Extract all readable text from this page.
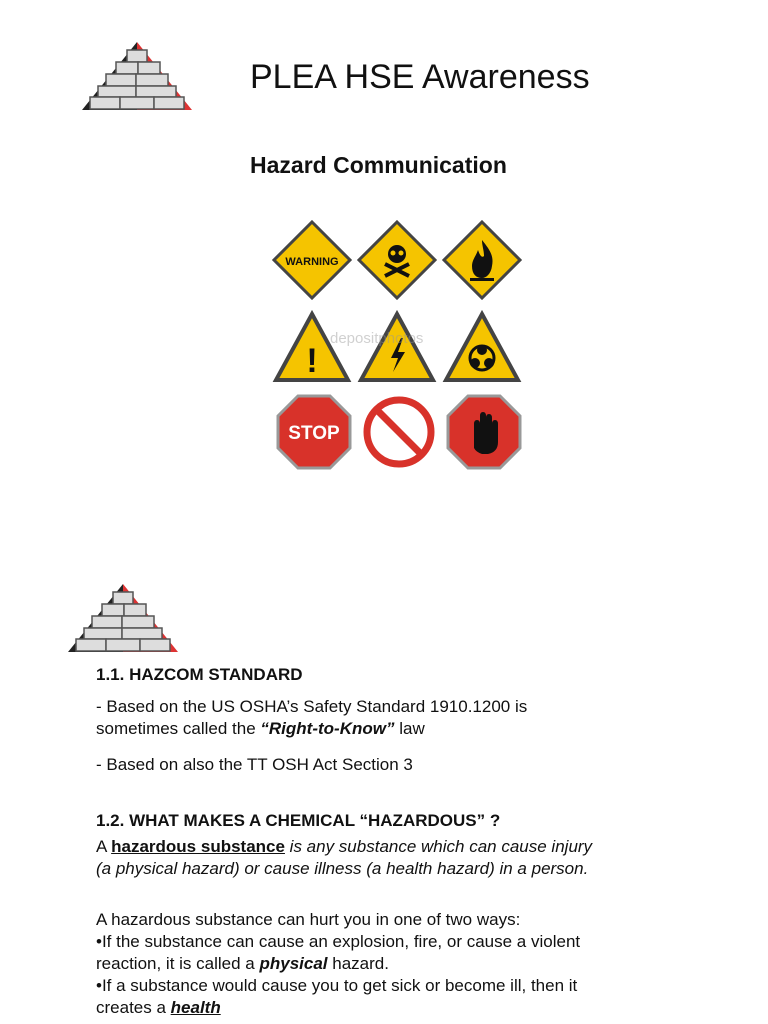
PLEA HSE Awareness
Hazard Communication
WARNING
!
STOP
depositphotos
1.1. HAZCOM STANDARD
- Based on the US OSHA’s Safety Standard 1910.1200 is
sometimes called the “Right-to-Know” law
- Based on also the TT OSH Act Section 3
1.2. WHAT MAKES A CHEMICAL “HAZARDOUS” ?
A hazardous substance is any substance which can cause injury
(a physical hazard) or cause illness (a health hazard) in a person.
A hazardous substance can hurt you in one of two ways:
•If the substance can cause an explosion, fire, or cause a violent
reaction, it is called a physical hazard.
•If a substance would cause you to get sick or become ill, then it
creates a health
